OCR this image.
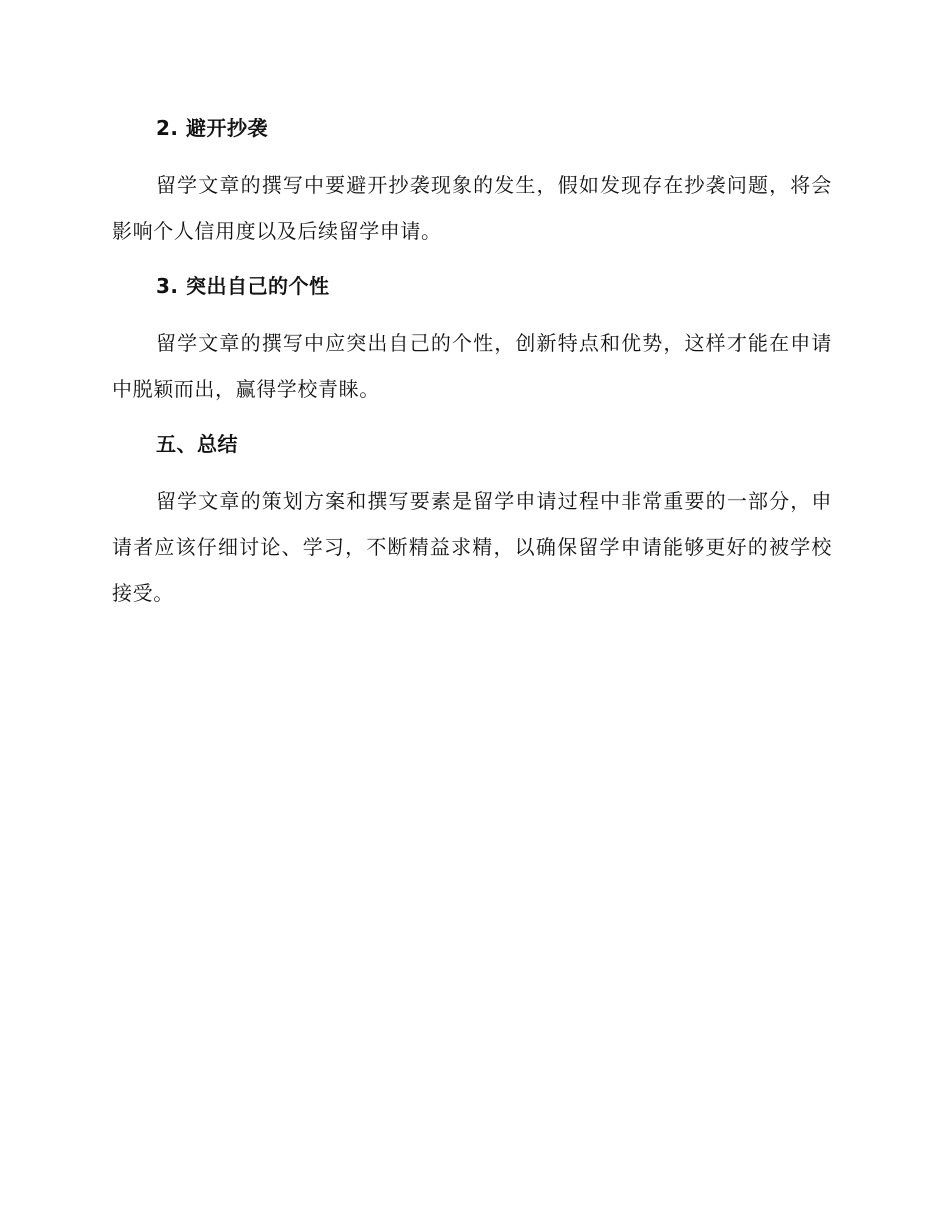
2. 避开抄袭

留学文章的撰写中要避开抄袭现象的发生，假如发现存在抄袭问题，将会影响个人信用度以及后续留学申请。

3. 突出自己的个性

留学文章的撰写中应突出自己的个性，创新特点和优势，这样才能在申请中脱颖而出，赢得学校青睐。

五、总结

留学文章的策划方案和撰写要素是留学申请过程中非常重要的一部分，申请者应该仔细讨论、学习，不断精益求精，以确保留学申请能够更好的被学校接受。
